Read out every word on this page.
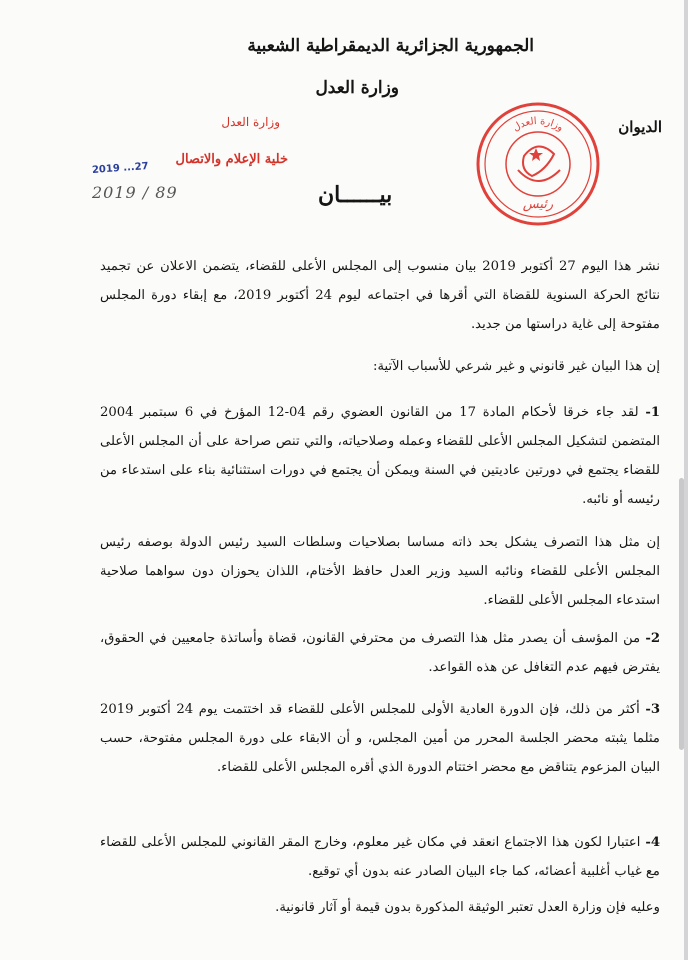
الجمهورية الجزائرية الديمقراطية الشعبية
وزارة العدل
الديوان
وزارة العدل
رئيس
وزارة العدل
خلية الإعلام والاتصال
2019 ...27
2019 / 89	بيــــــان
نشر هذا اليوم 27 أكتوبر 2019 بيان منسوب إلى المجلس الأعلى للقضاء، يتضمن الاعلان عن تجميد نتائج الحركة السنوية للقضاة التي أقرها في اجتماعه ليوم 24 أكتوبر 2019، مع إبقاء دورة المجلس مفتوحة إلى غاية دراستها من جديد.
إن هذا البيان غير قانوني و غير شرعي للأسباب الآتية:
1- لقد جاء خرقا لأحكام المادة 17 من القانون العضوي رقم 04-12 المؤرخ في 6 سبتمبر 2004 المتضمن لتشكيل المجلس الأعلى للقضاء وعمله وصلاحياته، والتي تنص صراحة على أن المجلس الأعلى للقضاء يجتمع في دورتين عاديتين في السنة ويمكن أن يجتمع في دورات استثنائية بناء على استدعاء من رئيسه أو نائبه.
إن مثل هذا التصرف يشكل بحد ذاته مساسا بصلاحيات وسلطات السيد رئيس الدولة بوصفه رئيس المجلس الأعلى للقضاء ونائبه السيد وزير العدل حافظ الأختام، اللذان يحوزان دون سواهما صلاحية استدعاء المجلس الأعلى للقضاء.
2- من المؤسف أن يصدر مثل هذا التصرف من محترفي القانون، قضاة وأساتذة جامعيين في الحقوق، يفترض فيهم عدم التغافل عن هذه القواعد.
3- أكثر من ذلك، فإن الدورة العادية الأولى للمجلس الأعلى للقضاء قد اختتمت يوم 24 أكتوبر 2019 مثلما يثبته محضر الجلسة المحرر من أمين المجلس، و أن الابقاء على دورة المجلس مفتوحة، حسب البيان المزعوم يتناقض مع محضر اختتام الدورة الذي أقره المجلس الأعلى للقضاء.
4- اعتبارا لكون هذا الاجتماع انعقد في مكان غير معلوم، وخارج المقر القانوني للمجلس الأعلى للقضاء مع غياب أغلبية أعضائه، كما جاء البيان الصادر عنه بدون أي توقيع.
وعليه فإن وزارة العدل تعتبر الوثيقة المذكورة بدون قيمة أو آثار قانونية.
